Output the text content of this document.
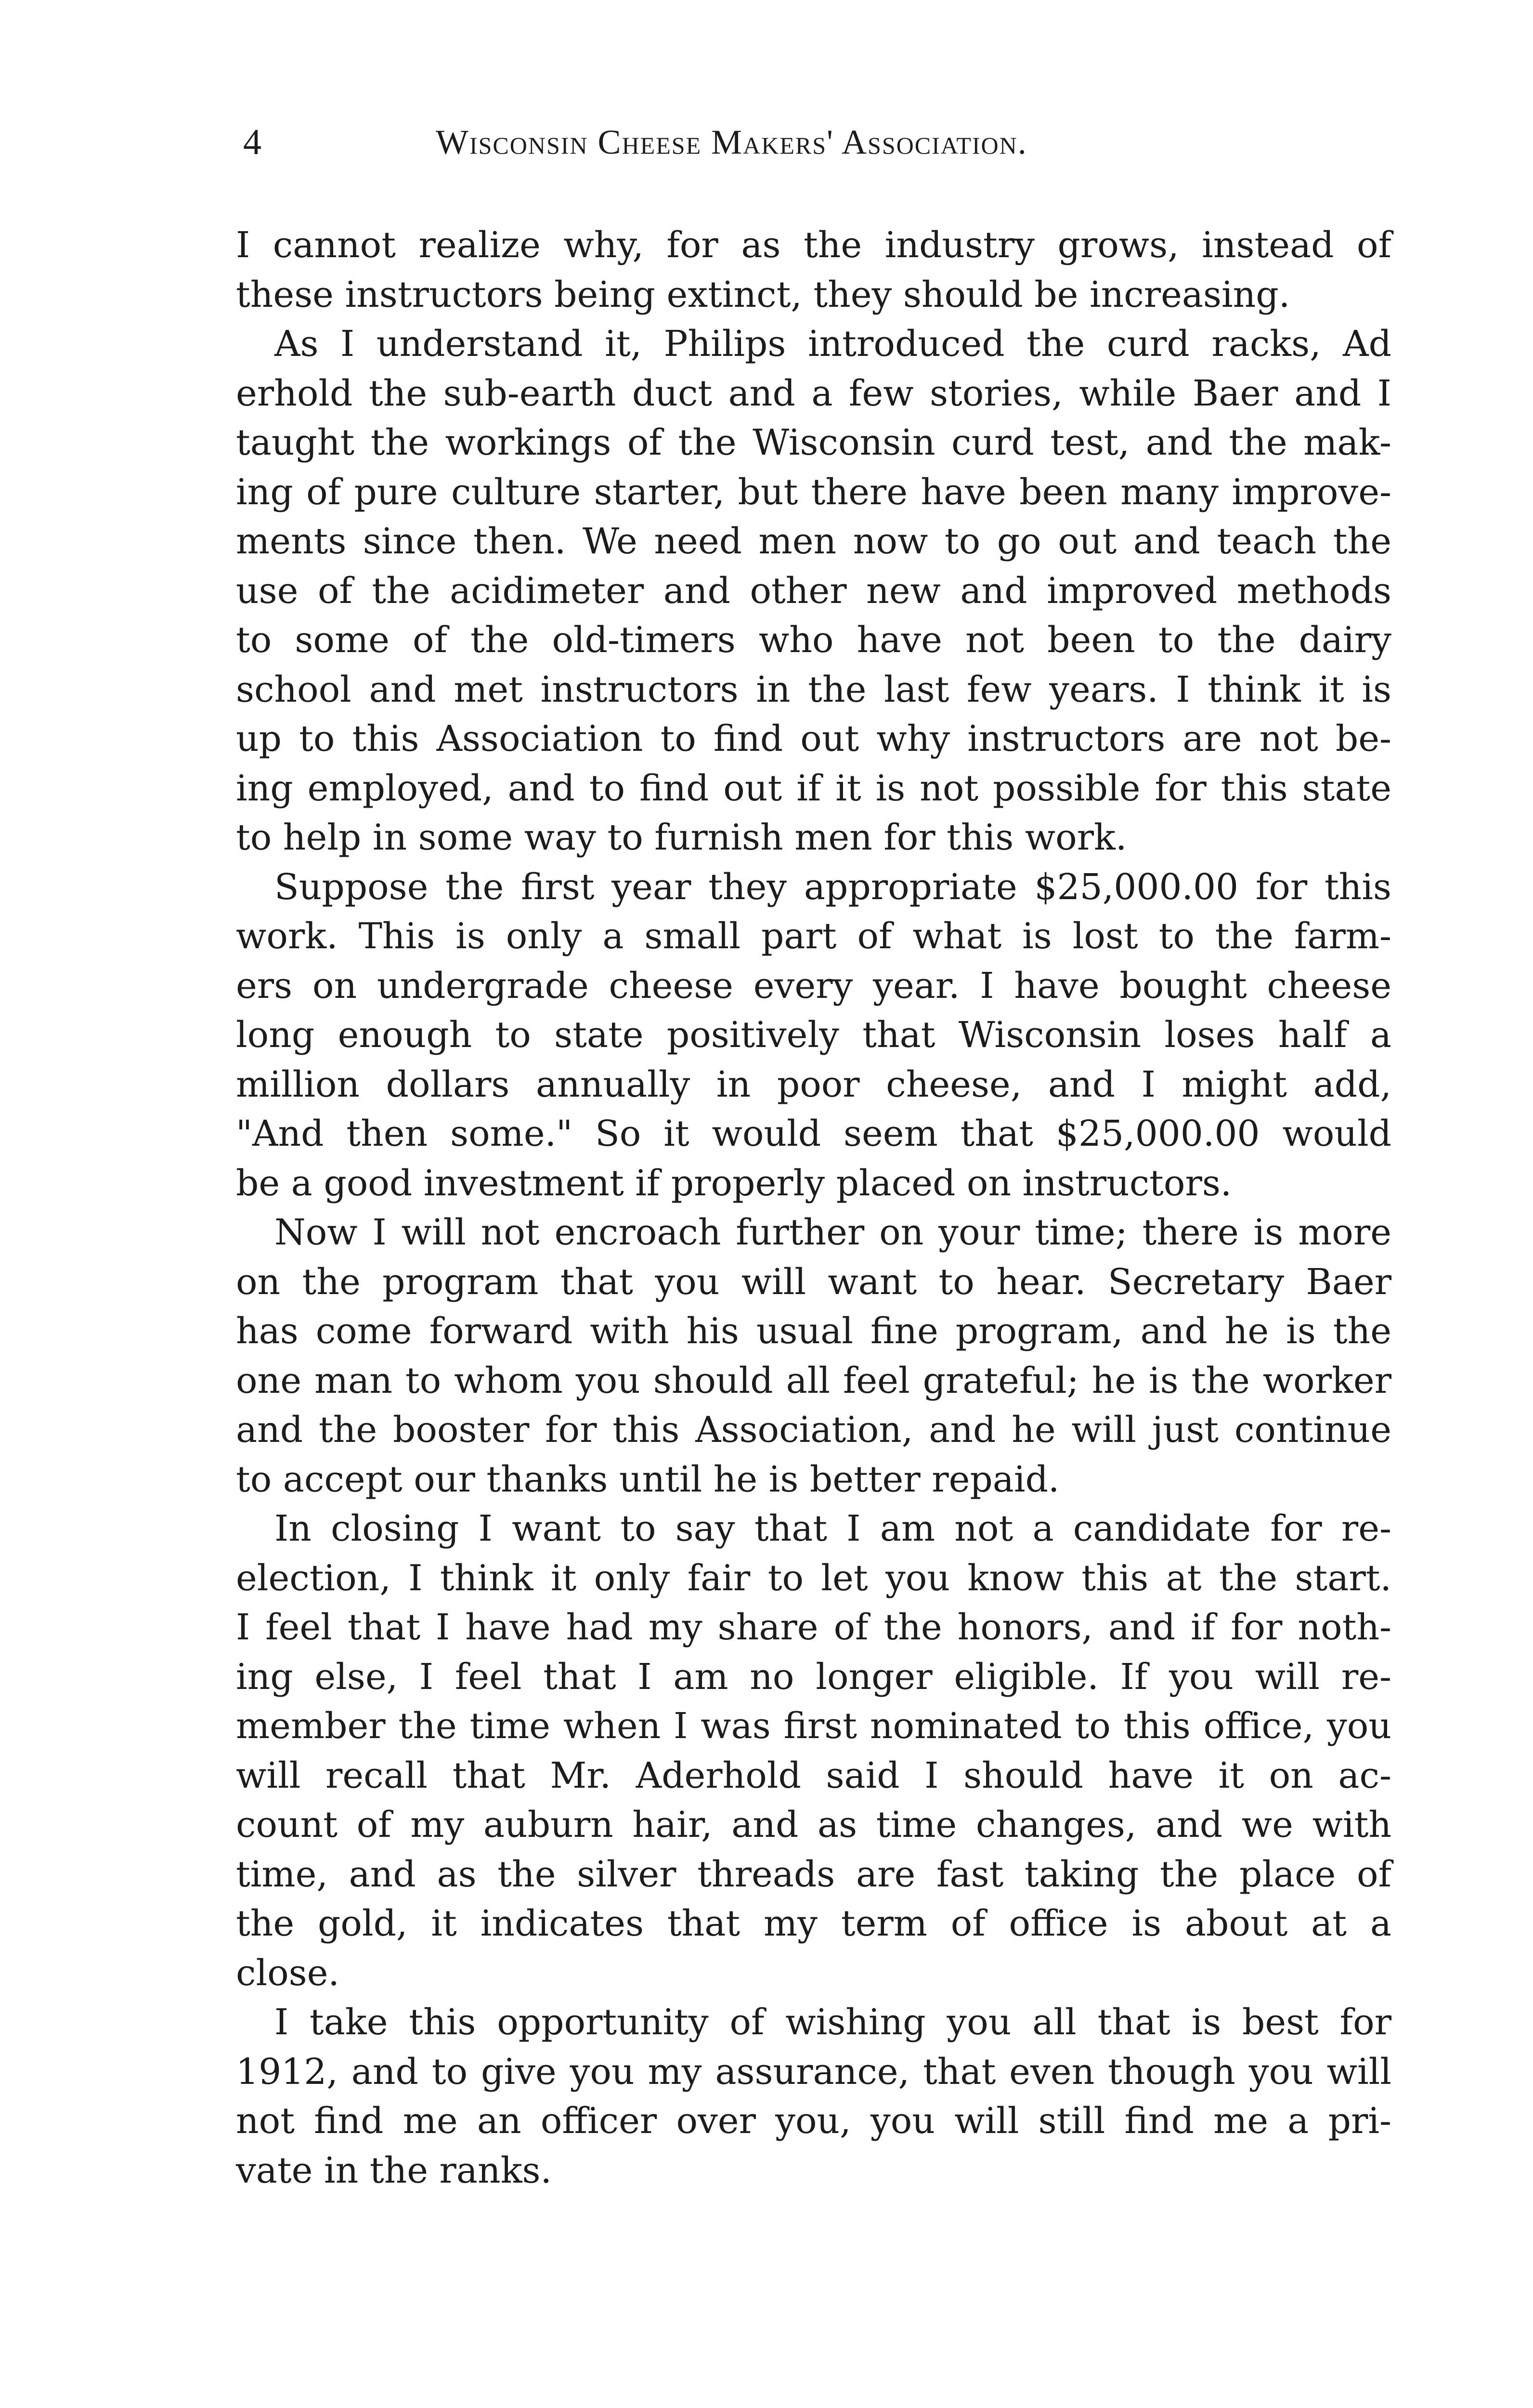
4	Wisconsin Cheese Makers' Association.
I cannot realize why, for as the industry grows, instead of
these instructors being extinct, they should be increasing.
As I understand it, Philips introduced the curd racks, Ad
erhold the sub-earth duct and a few stories, while Baer and I
taught the workings of the Wisconsin curd test, and the mak-
ing of pure culture starter, but there have been many improve-
ments since then. We need men now to go out and teach the
use of the acidimeter and other new and improved methods
to some of the old-timers who have not been to the dairy
school and met instructors in the last few years. I think it is
up to this Association to find out why instructors are not be-
ing employed, and to find out if it is not possible for this state
to help in some way to furnish men for this work.
Suppose the first year they appropriate $25,000.00 for this
work. This is only a small part of what is lost to the farm-
ers on undergrade cheese every year. I have bought cheese
long enough to state positively that Wisconsin loses half a
million dollars annually in poor cheese, and I might add,
"And then some." So it would seem that $25,000.00 would
be a good investment if properly placed on instructors.
Now I will not encroach further on your time; there is more
on the program that you will want to hear. Secretary Baer
has come forward with his usual fine program, and he is the
one man to whom you should all feel grateful; he is the worker
and the booster for this Association, and he will just continue
to accept our thanks until he is better repaid.
In closing I want to say that I am not a candidate for re-
election, I think it only fair to let you know this at the start.
I feel that I have had my share of the honors, and if for noth-
ing else, I feel that I am no longer eligible. If you will re-
member the time when I was first nominated to this office, you
will recall that Mr. Aderhold said I should have it on ac-
count of my auburn hair, and as time changes, and we with
time, and as the silver threads are fast taking the place of
the gold, it indicates that my term of office is about at a
close.
I take this opportunity of wishing you all that is best for
1912, and to give you my assurance, that even though you will
not find me an officer over you, you will still find me a pri-
vate in the ranks.
